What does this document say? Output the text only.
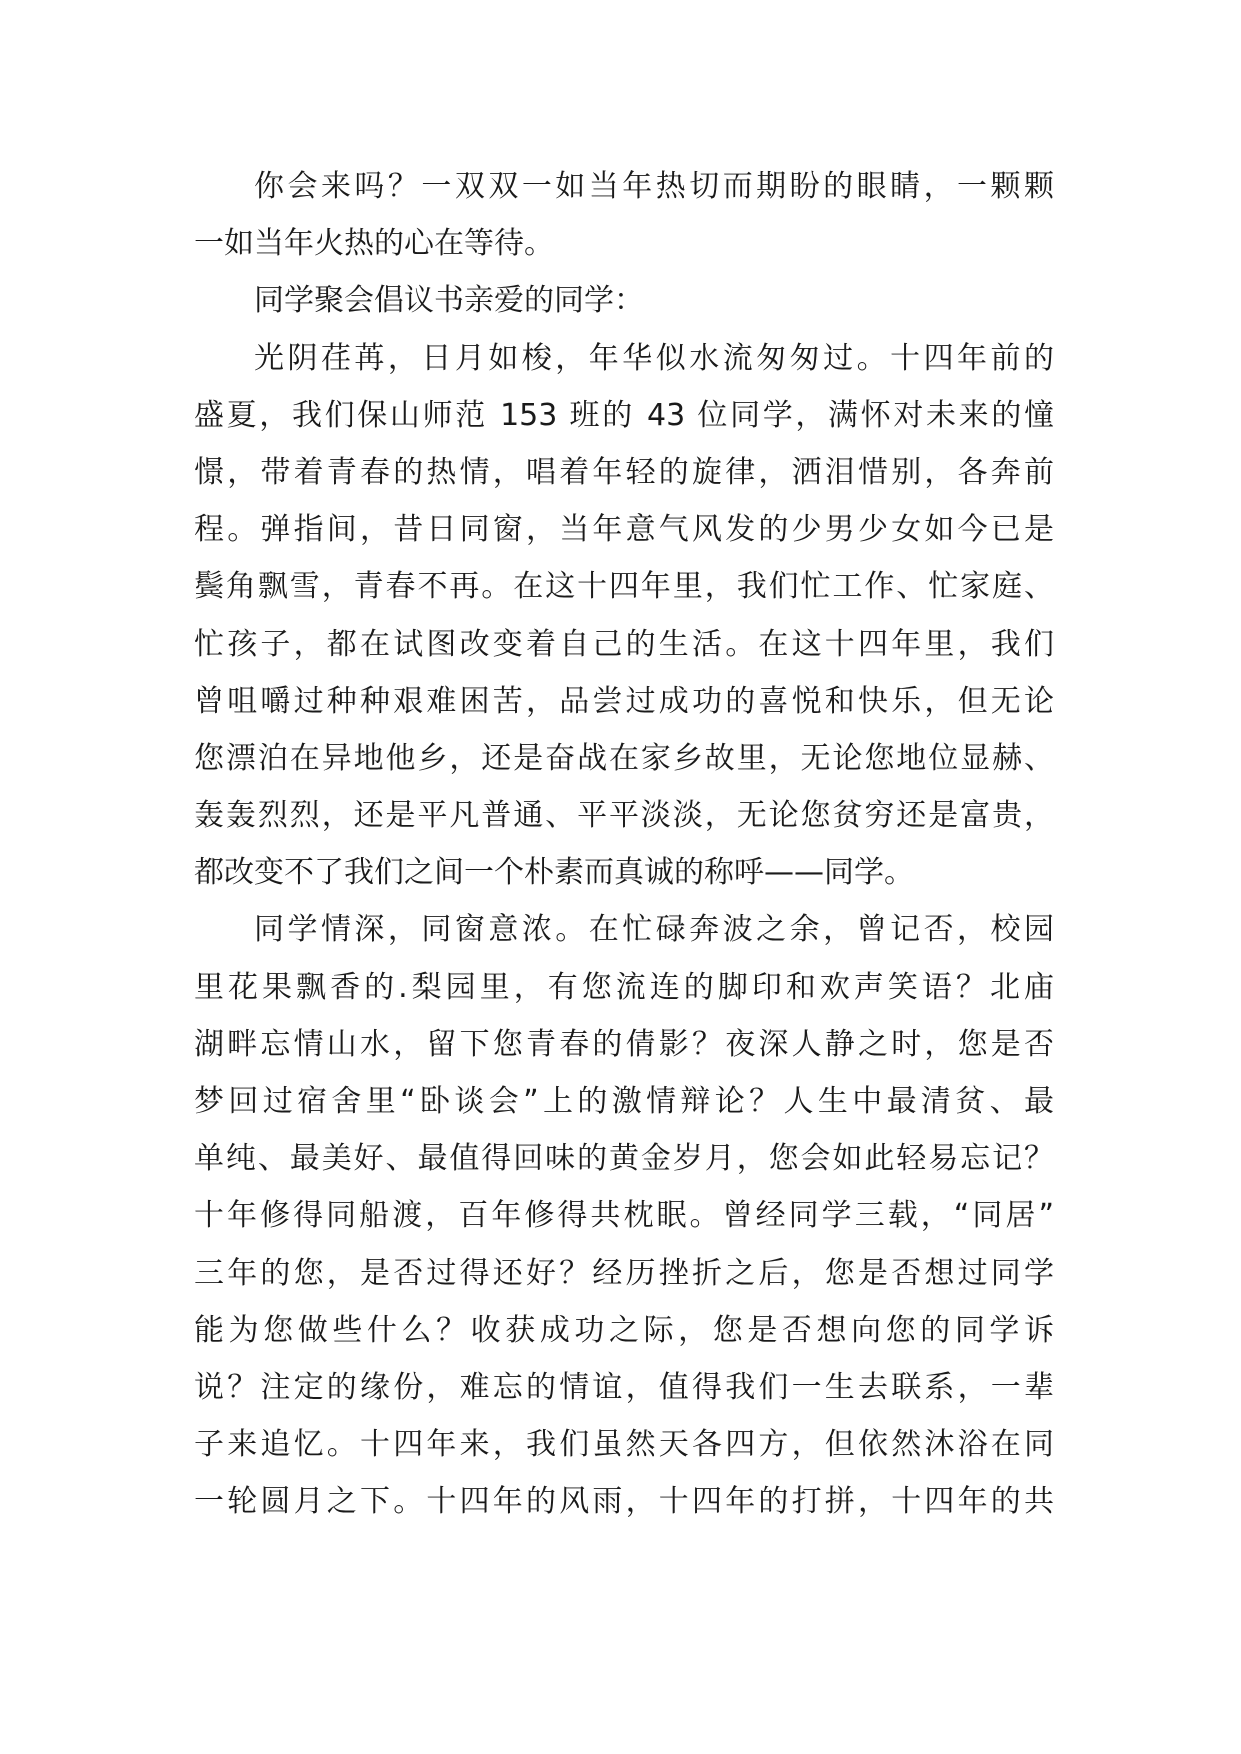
你会来吗？一双双一如当年热切而期盼的眼睛，一颗颗
一如当年火热的心在等待。
同学聚会倡议书亲爱的同学：
光阴荏苒，日月如梭，年华似水流匆匆过。十四年前的
盛夏，我们保山师范 153 班的 43 位同学，满怀对未来的憧
憬，带着青春的热情，唱着年轻的旋律，洒泪惜别，各奔前
程。弹指间，昔日同窗，当年意气风发的少男少女如今已是
鬓角飘雪，青春不再。在这十四年里，我们忙工作、忙家庭、
忙孩子，都在试图改变着自己的生活。在这十四年里，我们
曾咀嚼过种种艰难困苦，品尝过成功的喜悦和快乐，但无论
您漂泊在异地他乡，还是奋战在家乡故里，无论您地位显赫、
轰轰烈烈，还是平凡普通、平平淡淡，无论您贫穷还是富贵，
都改变不了我们之间一个朴素而真诚的称呼——同学。
同学情深，同窗意浓。在忙碌奔波之余，曾记否，校园
里花果飘香的.梨园里，有您流连的脚印和欢声笑语？北庙
湖畔忘情山水，留下您青春的倩影？夜深人静之时，您是否
梦回过宿舍里“卧谈会”上的激情辩论？人生中最清贫、最
单纯、最美好、最值得回味的黄金岁月，您会如此轻易忘记？
十年修得同船渡，百年修得共枕眠。曾经同学三载，“同居”
三年的您，是否过得还好？经历挫折之后，您是否想过同学
能为您做些什么？收获成功之际，您是否想向您的同学诉
说？注定的缘份，难忘的情谊，值得我们一生去联系，一辈
子来追忆。十四年来，我们虽然天各四方，但依然沐浴在同
一轮圆月之下。十四年的风雨，十四年的打拼，十四年的共
